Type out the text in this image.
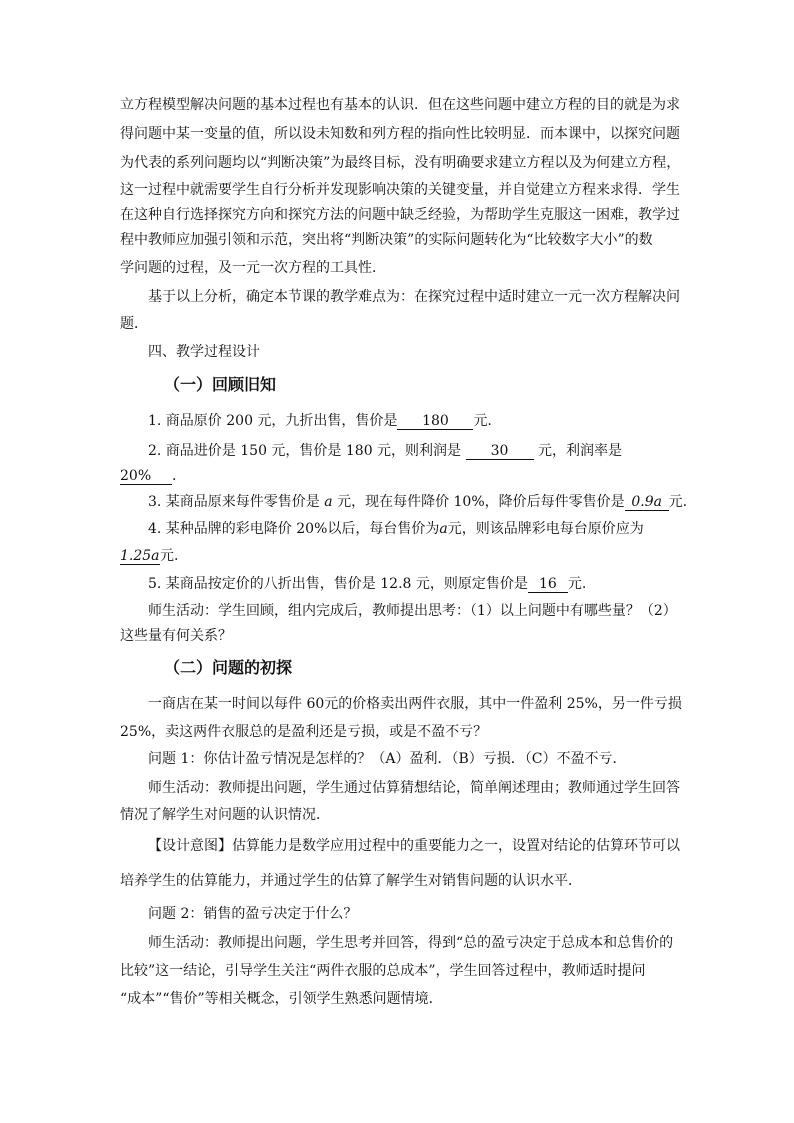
立方程模型解决问题的基本过程也有基本的认识．但在这些问题中建立方程的目的就是为求
得问题中某一变量的值，所以设未知数和列方程的指向性比较明显．而本课中，以探究问题
为代表的系列问题均以“判断决策”为最终目标，没有明确要求建立方程以及为何建立方程，
这一过程中就需要学生自行分析并发现影响决策的关键变量，并自觉建立方程来求得．学生
在这种自行选择探究方向和探究方法的问题中缺乏经验，为帮助学生克服这一困难，教学过
程中教师应加强引领和示范，突出将“判断决策”的实际问题转化为“比较数字大小”的数
学问题的过程，及一元一次方程的工具性．
基于以上分析，确定本节课的教学难点为：在探究过程中适时建立一元一次方程解决问
题．
四、教学过程设计
（一）回顾旧知
1. 商品原价 200 元，九折出售，售价是 180 元.
2. 商品进价是 150 元，售价是 180 元，则利润是 30 元，利润率是
20% .
3. 某商品原来每件零售价是 a 元，现在每件降价 10%，降价后每件零售价是 0.9a 元.
4. 某种品牌的彩电降价 20%以后，每台售价为a元，则该品牌彩电每台原价应为
1.25a元.
5. 某商品按定价的八折出售，售价是 12.8 元，则原定售价是 16 元.
师生活动：学生回顾，组内完成后，教师提出思考：（1）以上问题中有哪些量？（2）
这些量有何关系？
（二）问题的初探
一商店在某一时间以每件 60元的价格卖出两件衣服，其中一件盈利 25%，另一件亏损
25%，卖这两件衣服总的是盈利还是亏损，或是不盈不亏？
问题 1：你估计盈亏情况是怎样的？（A）盈利．（B）亏损．（C）不盈不亏．
师生活动：教师提出问题，学生通过估算猜想结论，简单阐述理由；教师通过学生回答
情况了解学生对问题的认识情况．
【设计意图】估算能力是数学应用过程中的重要能力之一，设置对结论的估算环节可以
培养学生的估算能力，并通过学生的估算了解学生对销售问题的认识水平．
问题 2：销售的盈亏决定于什么？
师生活动：教师提出问题，学生思考并回答，得到“总的盈亏决定于总成本和总售价的
比较”这一结论，引导学生关注“两件衣服的总成本”，学生回答过程中，教师适时提问
“成本”“售价”等相关概念，引领学生熟悉问题情境．
